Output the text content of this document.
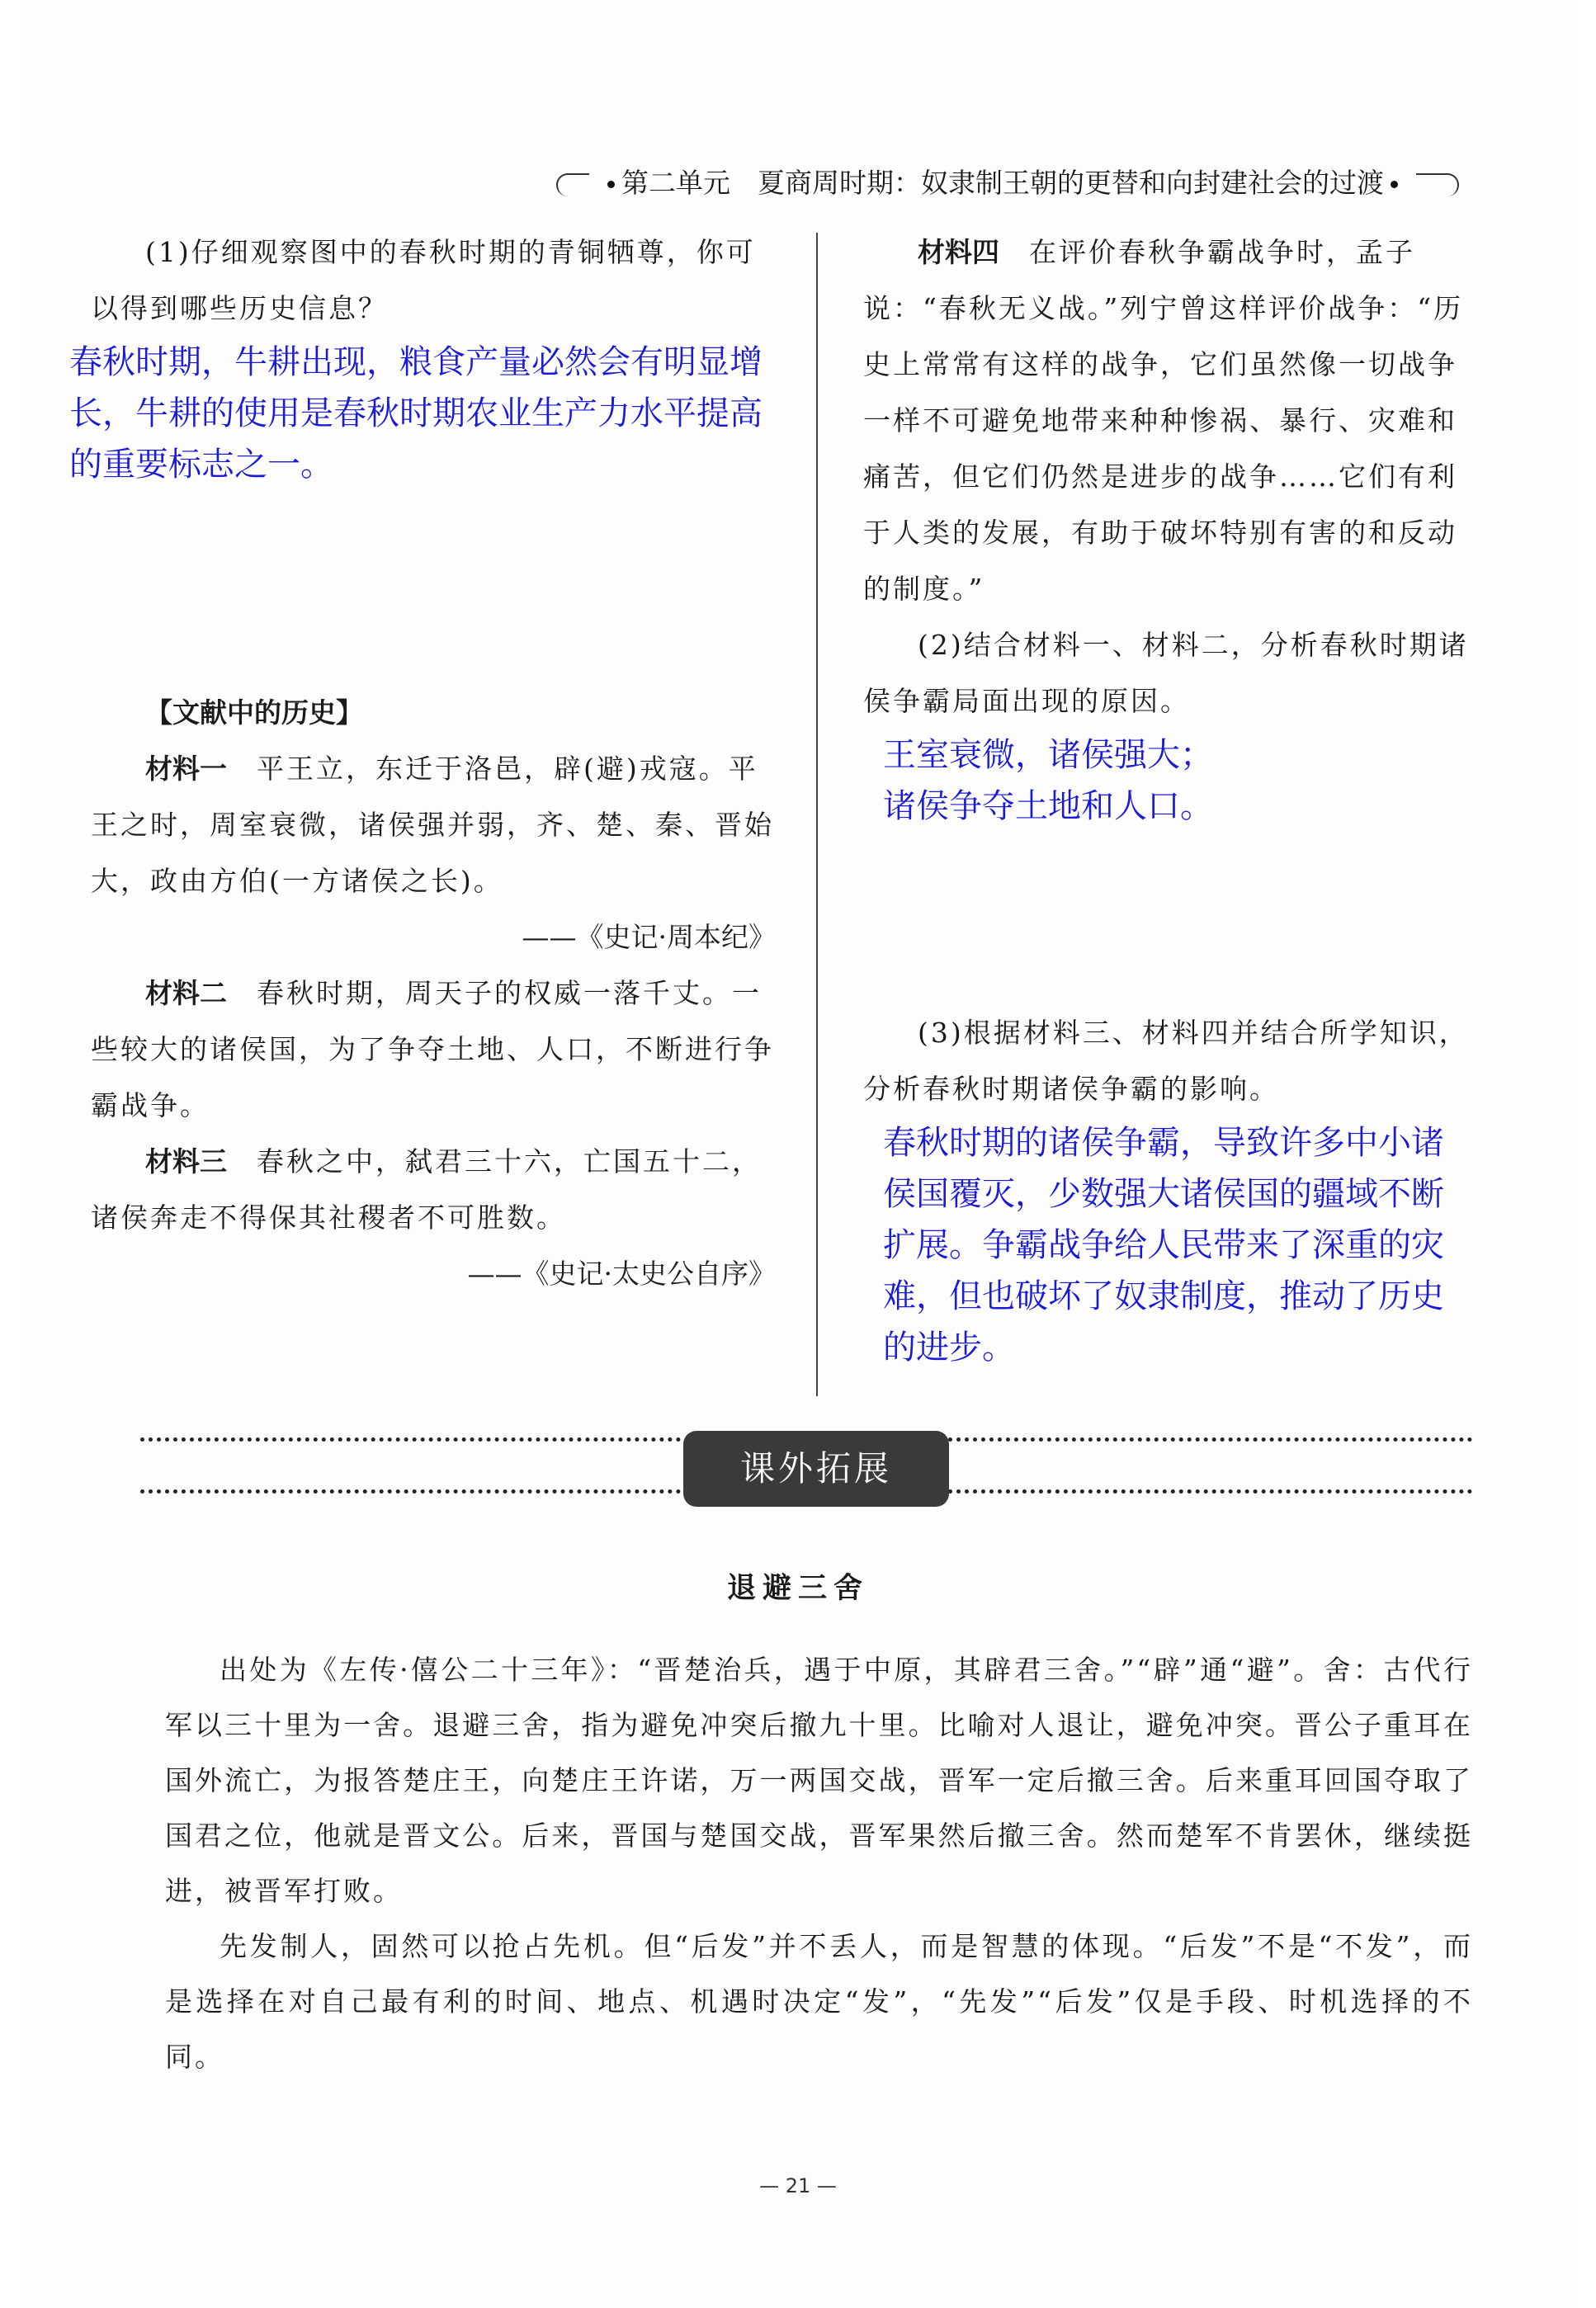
第二单元　夏商周时期：奴隶制王朝的更替和向封建社会的过渡

(1)仔细观察图中的春秋时期的青铜牺尊，你可以得到哪些历史信息？

春秋时期，牛耕出现，粮食产量必然会有明显增长，牛耕的使用是春秋时期农业生产力水平提高的重要标志之一。

【文献中的历史】

材料一　平王立，东迁于洛邑，辟(避)戎寇。平王之时，周室衰微，诸侯强并弱，齐、楚、秦、晋始大，政由方伯(一方诸侯之长)。

——《史记·周本纪》

材料二　春秋时期，周天子的权威一落千丈。一些较大的诸侯国，为了争夺土地、人口，不断进行争霸战争。

材料三　春秋之中，弑君三十六，亡国五十二，诸侯奔走不得保其社稷者不可胜数。

——《史记·太史公自序》

材料四　在评价春秋争霸战争时，孟子说：“春秋无义战。”列宁曾这样评价战争：“历史上常常有这样的战争，它们虽然像一切战争一样不可避免地带来种种惨祸、暴行、灾难和痛苦，但它们仍然是进步的战争……它们有利于人类的发展，有助于破坏特别有害的和反动的制度。”

(2)结合材料一、材料二，分析春秋时期诸侯争霸局面出现的原因。

王室衰微，诸侯强大；

诸侯争夺土地和人口。

(3)根据材料三、材料四并结合所学知识，分析春秋时期诸侯争霸的影响。

春秋时期的诸侯争霸，导致许多中小诸侯国覆灭，少数强大诸侯国的疆域不断扩展。争霸战争给人民带来了深重的灾难，但也破坏了奴隶制度，推动了历史的进步。

课外拓展
退避三舍

出处为《左传·僖公二十三年》：“晋楚治兵，遇于中原，其辟君三舍。”“辟”通“避”。舍：古代行军以三十里为一舍。退避三舍，指为避免冲突后撤九十里。比喻对人退让，避免冲突。晋公子重耳在国外流亡，为报答楚庄王，向楚庄王许诺，万一两国交战，晋军一定后撤三舍。后来重耳回国夺取了国君之位，他就是晋文公。后来，晋国与楚国交战，晋军果然后撤三舍。然而楚军不肯罢休，继续挺进，被晋军打败。

先发制人，固然可以抢占先机。但“后发”并不丢人，而是智慧的体现。“后发”不是“不发”，而是选择在对自己最有利的时间、地点、机遇时决定“发”，“先发”“后发”仅是手段、时机选择的不同。

— 21 —
